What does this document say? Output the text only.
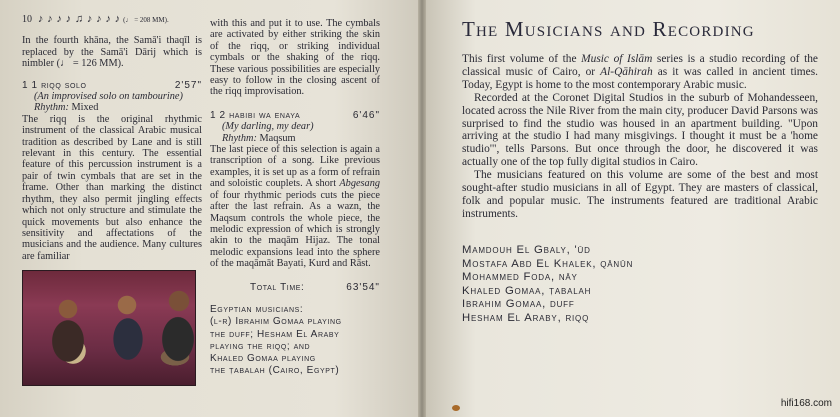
10  ♪ ♪ ♪ ♪ ♫ ♪ ♪ ♪ ♪ (♩ = 208 MM).

In the fourth khāna, the Samā'i thaqīl is replaced by the Samā'i Dārij which is nimbler (♩ = 126 MM).

1 1 riqq solo	2'57"
(An improvised solo on tambourine)
Rhythm: Mixed

The riqq is the original rhythmic instrument of the classical Arabic musical tradition as described by Lane and is still relevant in this century. The essential feature of this percussion instrument is a pair of twin cymbals that are set in the frame. Other than marking the distinct rhythm, they also permit jingling effects which not only structure and stimulate the quick movements but also enhance the sensitivity and affectations of the musicians and the audience. Many cultures are familiar

with this and put it to use. The cymbals are activated by either striking the skin of the riqq, or striking individual cymbals or the shaking of the riqq. These various possibilities are especially easy to follow in the closing ascent of the riqq improvisation.

1 2 habibi wa enaya	6'46"
(My darling, my dear)
Rhythm: Maqsum

The last piece of this selection is again a transcription of a song. Like previous examples, it is set up as a form of refrain and soloistic couplets. A short Abgesang of four rhythmic periods cuts the piece after the last refrain. As a wazn, the Maqsum controls the whole piece, the melodic expression of which is strongly akin to the maqām Hijaz. The tonal melodic expansions lead into the sphere of the maqāmāt Bayati, Kurd and Rāst.

Total Time:	63'54"
Egyptian musicians:
(l-r) Ibrahim Gomaa playing
the duff; Hesham El Araby
playing the riqq; and
Khaled Gomaa playing
the ṭabalah (Cairo, Egypt)
The Musicians and Recording

This first volume of the Music of Islām series is a studio recording of the classical music of Cairo, or Al-Qāhirah as it was called in ancient times. Today, Egypt is home to the most contemporary Arabic music.

Recorded at the Coronet Digital Studios in the suburb of Mohandesseen, located across the Nile River from the main city, producer David Parsons was surprised to find the studio was housed in an apartment building. "Upon arriving at the studio I had many misgivings. I thought it must be a 'home studio'", tells Parsons. But once through the door, he discovered it was actually one of the top fully digital studios in Cairo.

The musicians featured on this volume are some of the best and most sought-after studio musicians in all of Egypt. They are masters of classical, folk and popular music. The instruments featured are traditional Arabic instruments.

Mamdouh El Gbaly, 'ūd
Mostafa Abd El Khalek, qānūn
Mohammed Foda, nāy
Khaled Gomaa, ṭabalah
Ibrahim Gomaa, duff
Hesham El Araby, riqq
hifi168.com
